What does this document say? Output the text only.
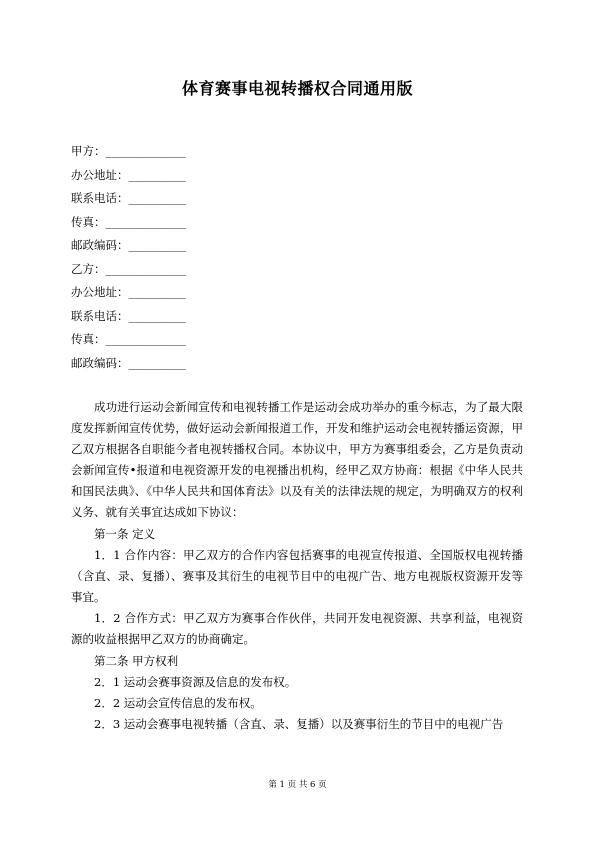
体育赛事电视转播权合同通用版
甲方：______________
办公地址：__________
联系电话：__________
传真：______________
邮政编码：__________
乙方：______________
办公地址：__________
联系电话：__________
传真：______________
邮政编码：__________

成功进行运动会新闻宣传和电视转播工作是运动会成功举办的重今标志，为了最大限度发挥新闻宣传优势，做好运动会新闻报道工作，开发和维护运动会电视转播运资源，甲乙双方根据各自职能今者电视转播权合同。本协议中，甲方为赛事组委会，乙方是负责动会新闻宣传•报道和电视资源开发的电视播出机构，经甲乙双方协商：根据《中华人民共和国民法典》、《中华人民共和国体育法》以及有关的法律法规的规定，为明确双方的权利义务、就有关事宜达成如下协议：

第一条 定义

1．1 合作内容：甲乙双方的合作内容包括赛事的电视宣传报道、全国版权电视转播（含直、录、复播）、赛事及其衍生的电视节目中的电视广告、地方电视版权资源开发等事宜。

1．2 合作方式：甲乙双方为赛事合作伙伴，共同开发电视资源、共享利益，电视资源的收益根据甲乙双方的协商确定。

第二条 甲方权利

2．1 运动会赛事资源及信息的发布权。

2．2 运动会宣传信息的发布权。

2．3 运动会赛事电视转播（含直、录、复播）以及赛事衍生的节目中的电视广告

第 1 页 共 6 页
